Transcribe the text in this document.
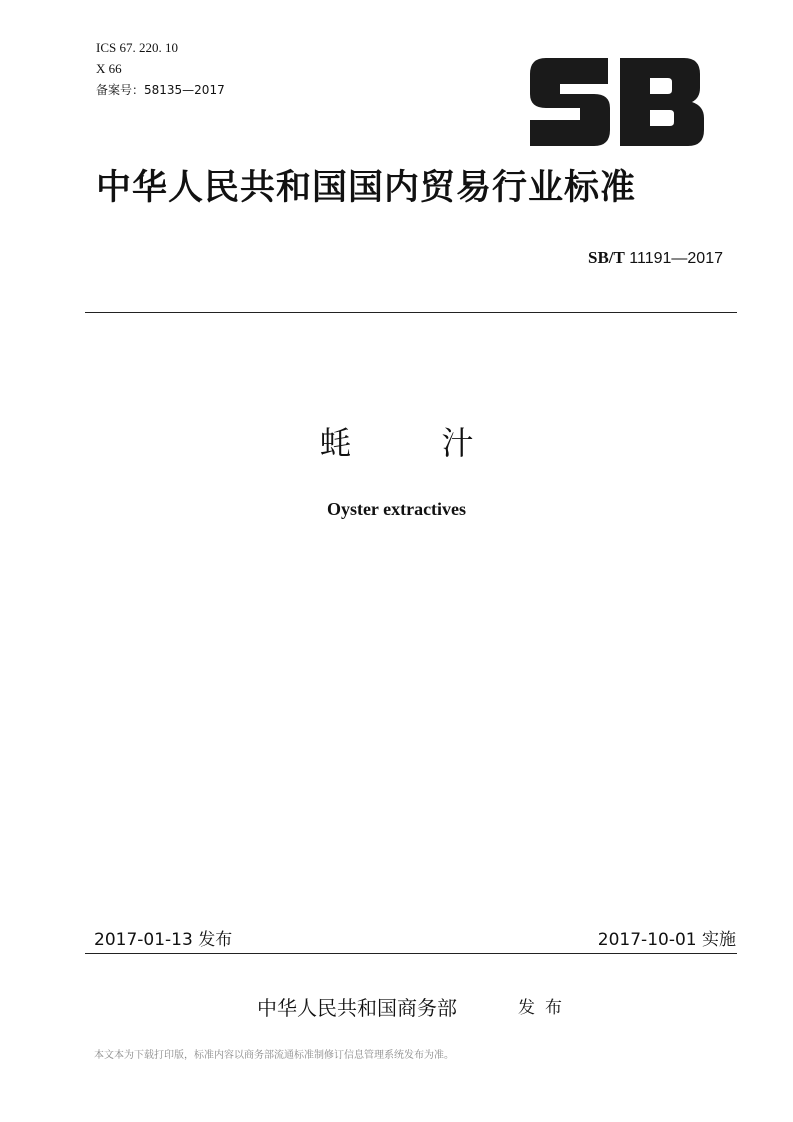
ICS 67. 220. 10
X 66
备案号：58135—2017
中华人民共和国国内贸易行业标准
SB/T 11191—2017
蚝汁
Oyster extractives
2017-01-13 发布	2017-10-01 实施
中华人民共和国商务部	发布
本文本为下载打印版，标准内容以商务部流通标准制修订信息管理系统发布为准。
